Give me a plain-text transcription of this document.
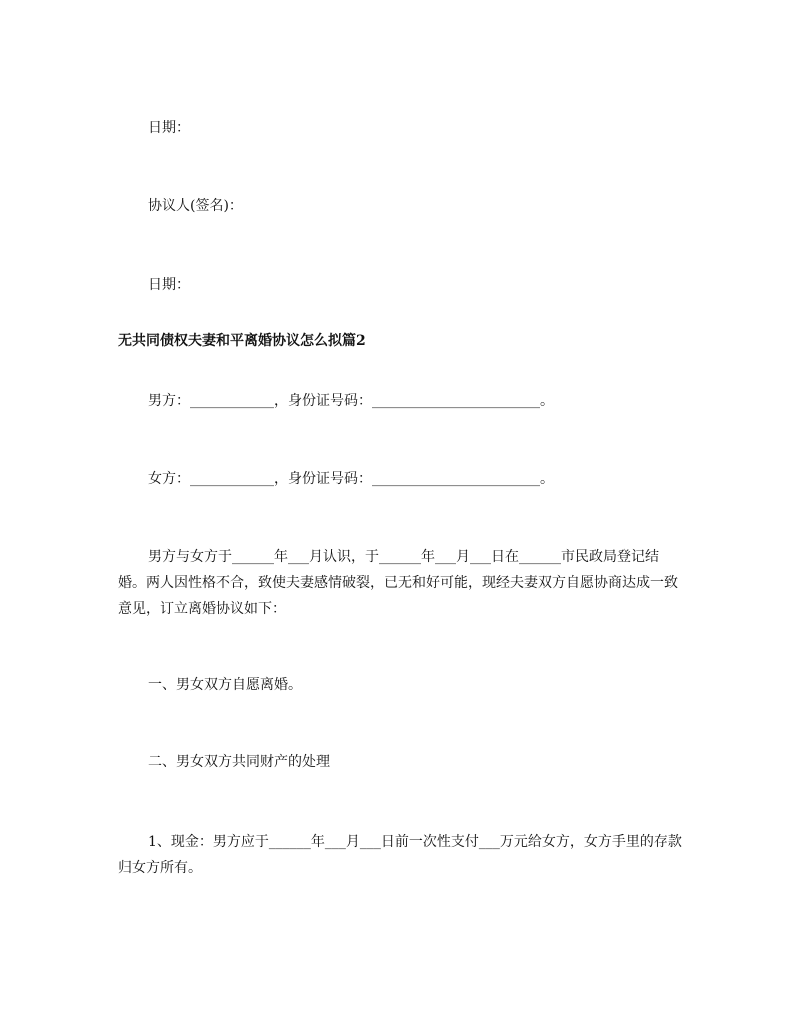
日期：
协议人(签名)：
日期：
无共同债权夫妻和平离婚协议怎么拟篇2
男方：____________，身份证号码：________________________。
女方：____________，身份证号码：________________________。
男方与女方于______年___月认识，于______年___月___日在______市民政局登记结婚。两人因性格不合，致使夫妻感情破裂，已无和好可能，现经夫妻双方自愿协商达成一致意见，订立离婚协议如下：
一、男女双方自愿离婚。
二、男女双方共同财产的处理
1、现金：男方应于______年___月___日前一次性支付___万元给女方，女方手里的存款归女方所有。
